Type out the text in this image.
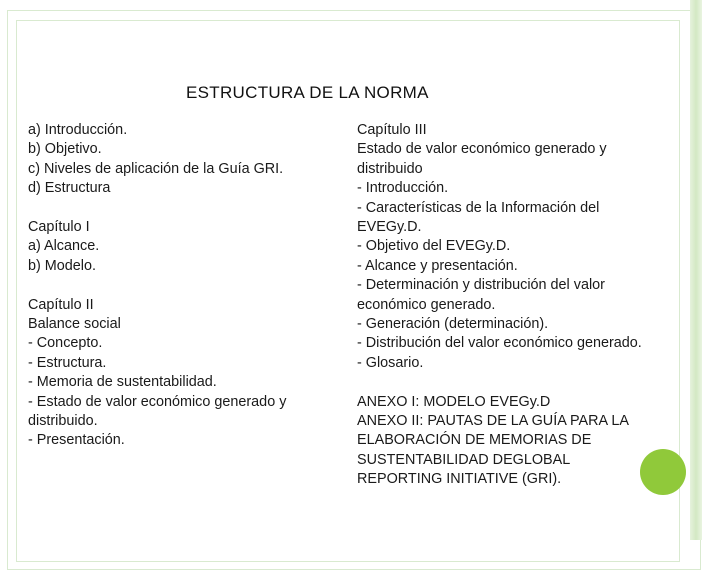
ESTRUCTURA DE LA NORMA
a) Introducción.
b) Objetivo.
c) Niveles de aplicación de la Guía GRI.
d) Estructura
Capítulo I
a) Alcance.
b) Modelo.
Capítulo II
Balance social
- Concepto.
- Estructura.
- Memoria de sustentabilidad.
- Estado de valor económico generado y
distribuido.
- Presentación.
Capítulo III
Estado de valor económico generado y
distribuido
- Introducción.
- Características de la Información del
EVEGy.D.
- Objetivo del EVEGy.D.
- Alcance y presentación.
- Determinación y distribución del valor
económico generado.
- Generación (determinación).
- Distribución del valor económico generado.
- Glosario.
ANEXO I: MODELO EVEGy.D
ANEXO II: PAUTAS DE LA GUÍA PARA LA
ELABORACIÓN DE MEMORIAS DE
SUSTENTABILIDAD DEGLOBAL
REPORTING INITIATIVE (GRI).
